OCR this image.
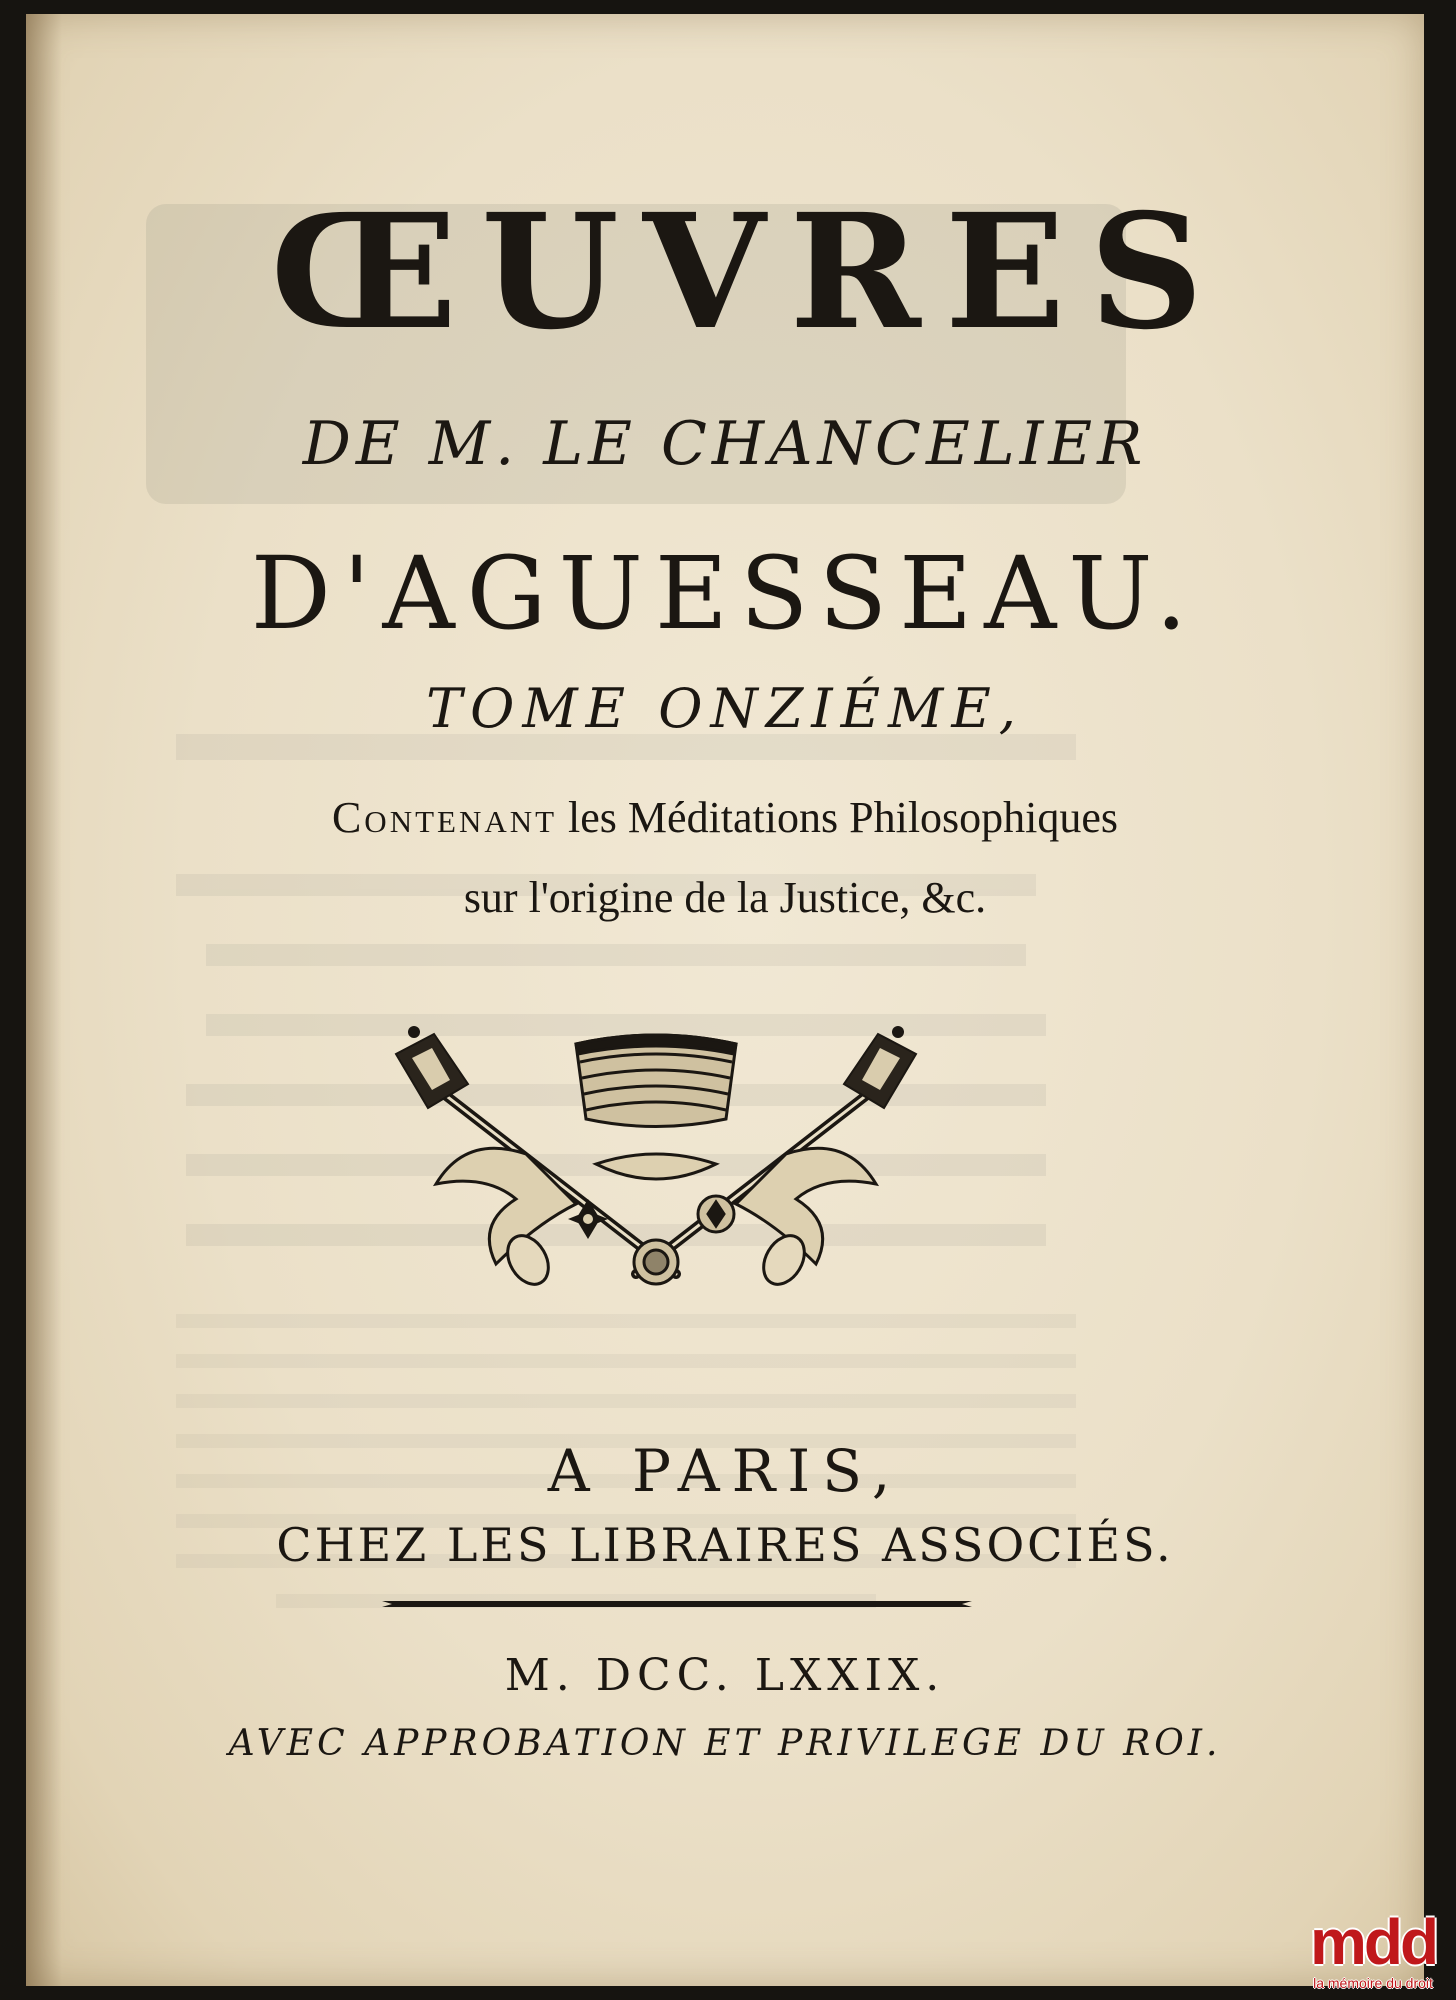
ŒUVRES
DE M. LE CHANCELIER
D'AGUESSEAU.
TOME ONZIÉME,
Contenant les Méditations Philosophiques
sur l'origine de la Justice, &c.
A PARIS,
CHEZ LES LIBRAIRES ASSOCIÉS.
M. DCC. LXXIX.
AVEC APPROBATION ET PRIVILEGE DU ROI.
mdd
la mémoire du droit
